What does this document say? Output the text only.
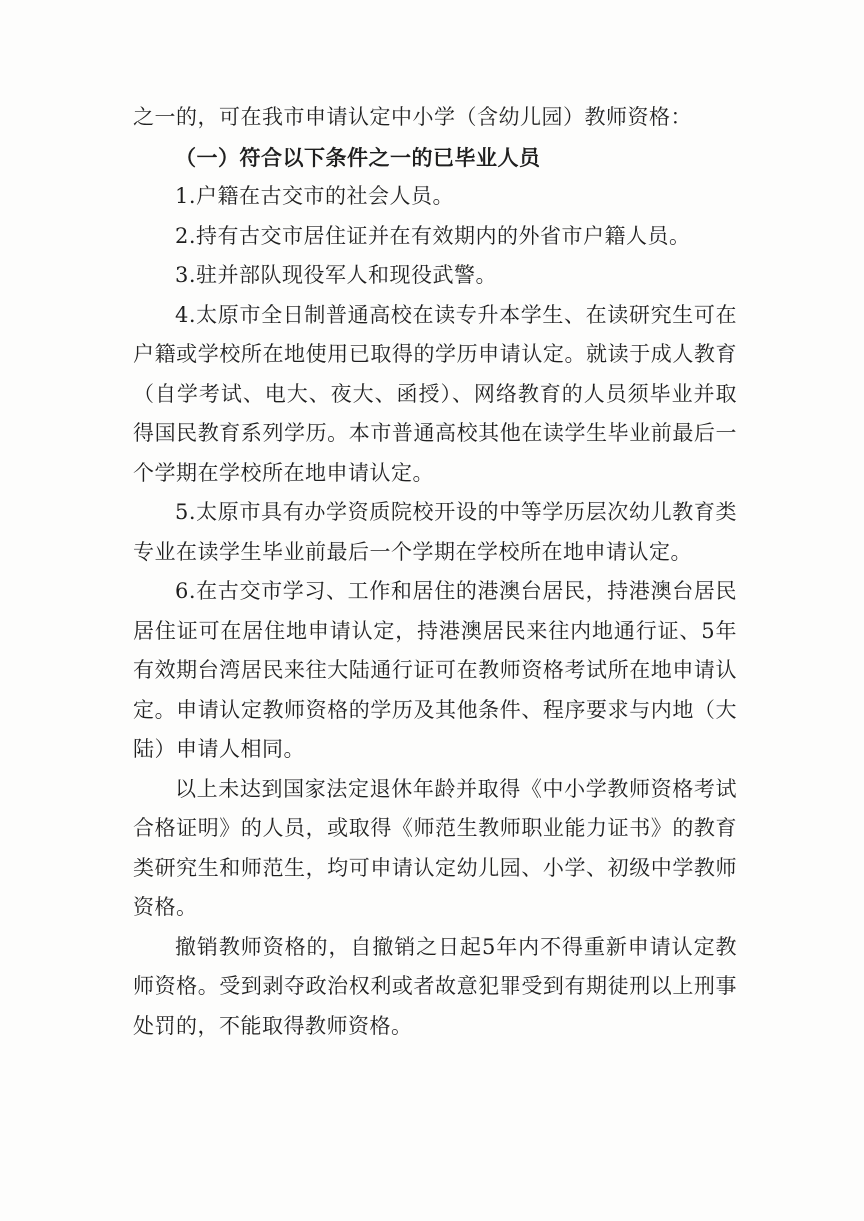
之一的，可在我市申请认定中小学（含幼儿园）教师资格：

（一）符合以下条件之一的已毕业人员

1.户籍在古交市的社会人员。

2.持有古交市居住证并在有效期内的外省市户籍人员。

3.驻并部队现役军人和现役武警。

4.太原市全日制普通高校在读专升本学生、在读研究生可在户籍或学校所在地使用已取得的学历申请认定。就读于成人教育（自学考试、电大、夜大、函授）、网络教育的人员须毕业并取得国民教育系列学历。本市普通高校其他在读学生毕业前最后一个学期在学校所在地申请认定。

5.太原市具有办学资质院校开设的中等学历层次幼儿教育类专业在读学生毕业前最后一个学期在学校所在地申请认定。

6.在古交市学习、工作和居住的港澳台居民，持港澳台居民居住证可在居住地申请认定，持港澳居民来往内地通行证、5年有效期台湾居民来往大陆通行证可在教师资格考试所在地申请认定。申请认定教师资格的学历及其他条件、程序要求与内地（大陆）申请人相同。

以上未达到国家法定退休年龄并取得《中小学教师资格考试合格证明》的人员，或取得《师范生教师职业能力证书》的教育类研究生和师范生，均可申请认定幼儿园、小学、初级中学教师资格。

撤销教师资格的，自撤销之日起5年内不得重新申请认定教师资格。受到剥夺政治权利或者故意犯罪受到有期徒刑以上刑事处罚的，不能取得教师资格。
